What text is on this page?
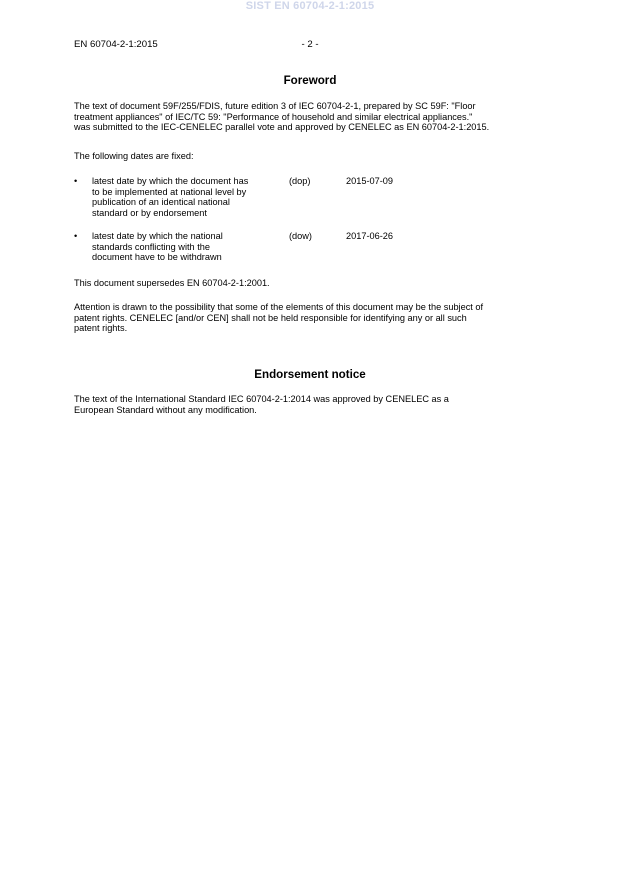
SIST EN 60704-2-1:2015
EN 60704-2-1:2015	- 2 -
Foreword
The text of document 59F/255/FDIS, future edition 3 of IEC 60704-2-1, prepared by SC 59F: "Floor
treatment appliances" of IEC/TC 59: "Performance of household and similar electrical appliances."
was submitted to the IEC-CENELEC parallel vote and approved by CENELEC as EN 60704-2-1:2015.
The following dates are fixed:
• latest date by which the document has
to be implemented at national level by
publication of an identical national
standard or by endorsement
(dop)	2015-07-09
• latest date by which the national
standards conflicting with the
document have to be withdrawn
(dow)	2017-06-26
This document supersedes EN 60704-2-1:2001.
Attention is drawn to the possibility that some of the elements of this document may be the subject of
patent rights. CENELEC [and/or CEN] shall not be held responsible for identifying any or all such
patent rights.
Endorsement notice
The text of the International Standard IEC 60704-2-1:2014 was approved by CENELEC as a
European Standard without any modification.
